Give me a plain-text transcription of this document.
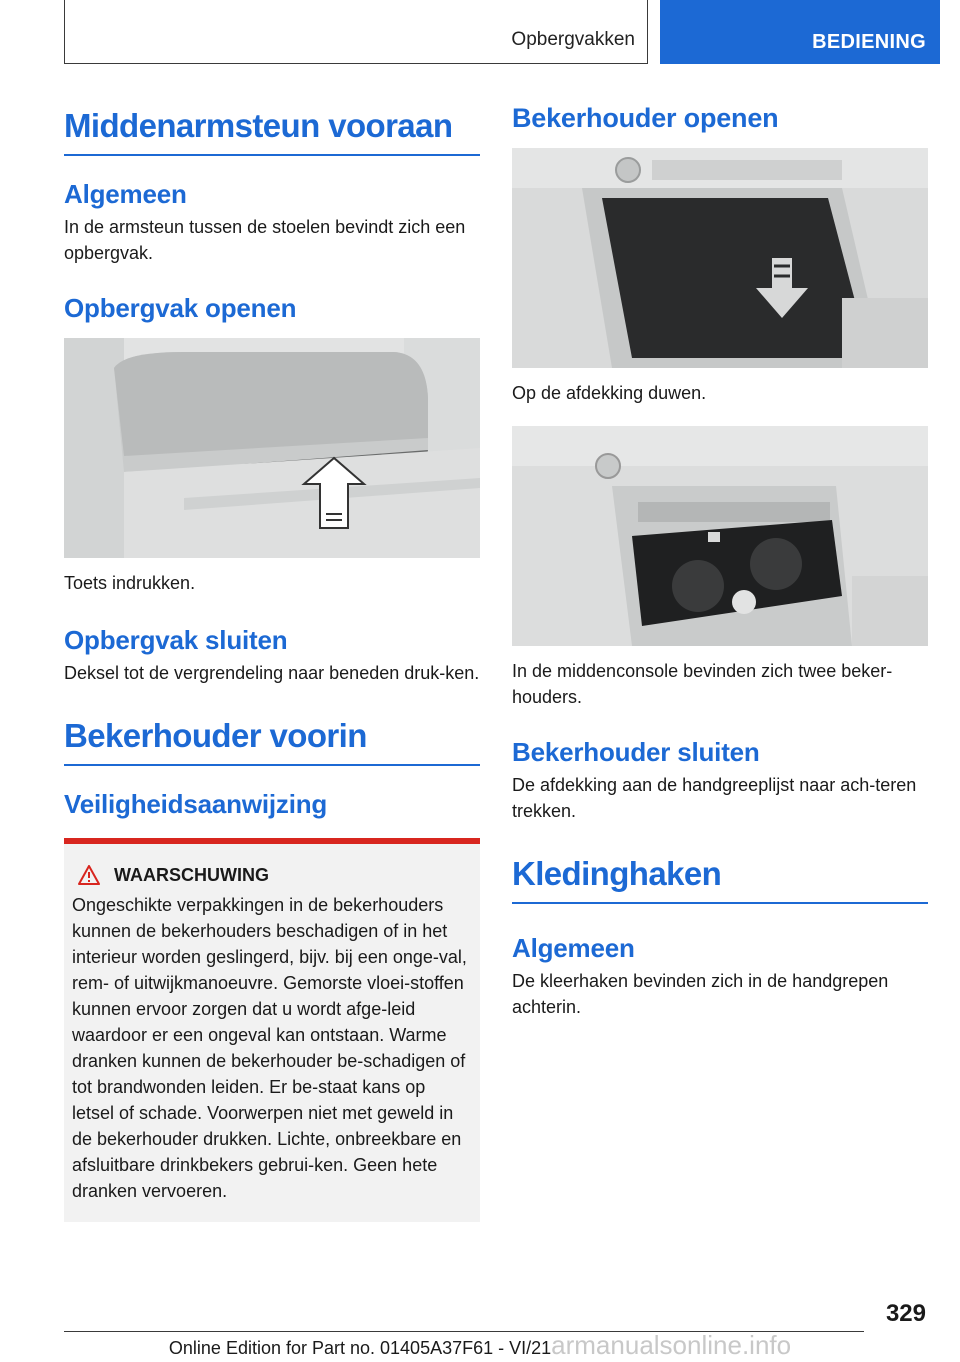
Opbergvakken	BEDIENING
Middenarmsteun vooraan
Algemeen

In de armsteun tussen de stoelen bevindt zich een opbergvak.

Opbergvak openen

Toets indrukken.

Opbergvak sluiten

Deksel tot de vergrendeling naar beneden druk-ken.

Bekerhouder voorin
Veiligheidsaanwijzing
WAARSCHUWING

Ongeschikte verpakkingen in de bekerhouders kunnen de bekerhouders beschadigen of in het interieur worden geslingerd, bijv. bij een onge-val, rem- of uitwijkmanoeuvre. Gemorste vloei-stoffen kunnen ervoor zorgen dat u wordt afge-leid waardoor er een ongeval kan ontstaan. Warme dranken kunnen de bekerhouder be-schadigen of tot brandwonden leiden. Er be-staat kans op letsel of schade. Voorwerpen niet met geweld in de bekerhouder drukken. Lichte, onbreekbare en afsluitbare drinkbekers gebrui-ken. Geen hete dranken vervoeren.

Bekerhouder openen

Op de afdekking duwen.

In de middenconsole bevinden zich twee beker-houders.

Bekerhouder sluiten

De afdekking aan de handgreeplijst naar ach-teren trekken.

Kledinghaken
Algemeen

De kleerhaken bevinden zich in de handgrepen achterin.

329
Online Edition for Part no. 01405A37F61 - VI/21armanualsonline.info
